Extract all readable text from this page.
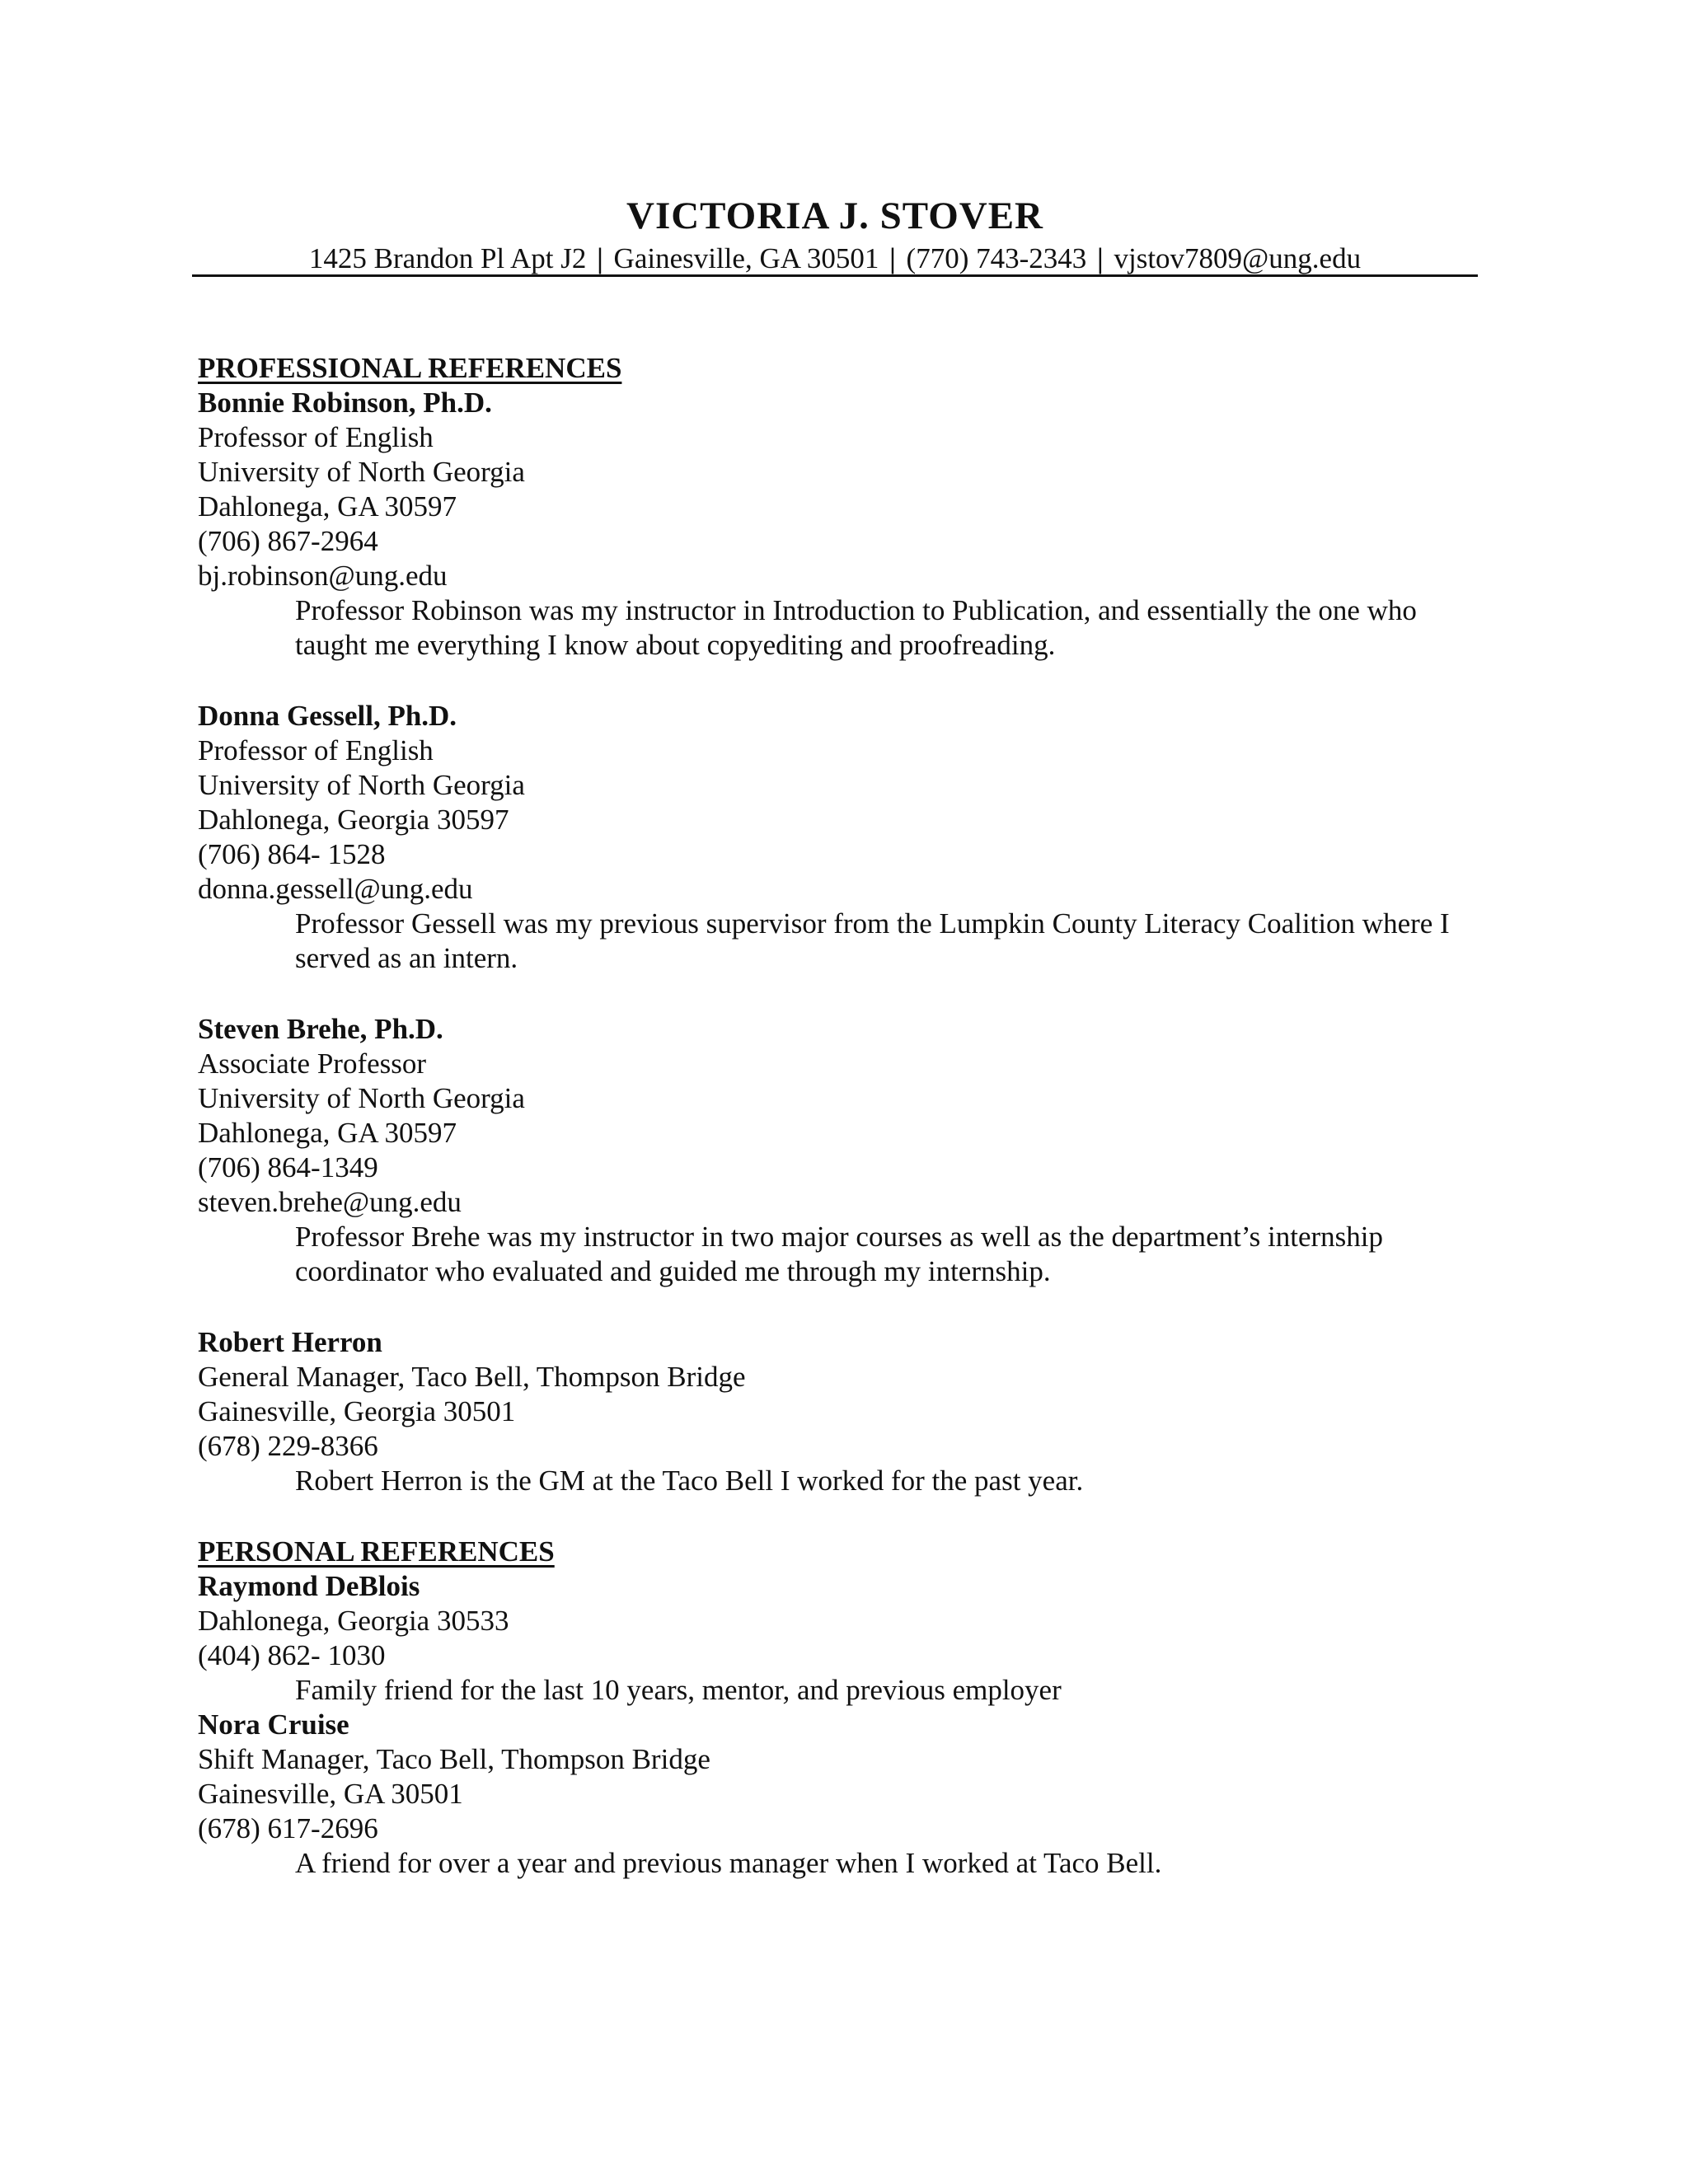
VICTORIA J. STOVER

1425 Brandon Pl Apt J2 | Gainesville, GA 30501 | (770) 743-2343 | vjstov7809@ung.edu

PROFESSIONAL REFERENCES

Bonnie Robinson, Ph.D.

Professor of English

University of North Georgia

Dahlonega, GA 30597

(706) 867-2964

bj.robinson@ung.edu

Professor Robinson was my instructor in Introduction to Publication, and essentially the one who taught me everything I know about copyediting and proofreading.

Donna Gessell, Ph.D.

Professor of English

University of North Georgia

Dahlonega, Georgia 30597

(706) 864- 1528

donna.gessell@ung.edu

Professor Gessell was my previous supervisor from the Lumpkin County Literacy Coalition where I served as an intern.

Steven Brehe, Ph.D.

Associate Professor

University of North Georgia

Dahlonega, GA 30597

(706) 864-1349

steven.brehe@ung.edu

Professor Brehe was my instructor in two major courses as well as the department’s internship coordinator who evaluated and guided me through my internship.

Robert Herron

General Manager, Taco Bell, Thompson Bridge

Gainesville, Georgia 30501

(678) 229-8366

Robert Herron is the GM at the Taco Bell I worked for the past year.

PERSONAL REFERENCES

Raymond DeBlois

Dahlonega, Georgia 30533

(404) 862- 1030

Family friend for the last 10 years, mentor, and previous employer

Nora Cruise

Shift Manager, Taco Bell, Thompson Bridge

Gainesville, GA 30501

(678) 617-2696

A friend for over a year and previous manager when I worked at Taco Bell.
